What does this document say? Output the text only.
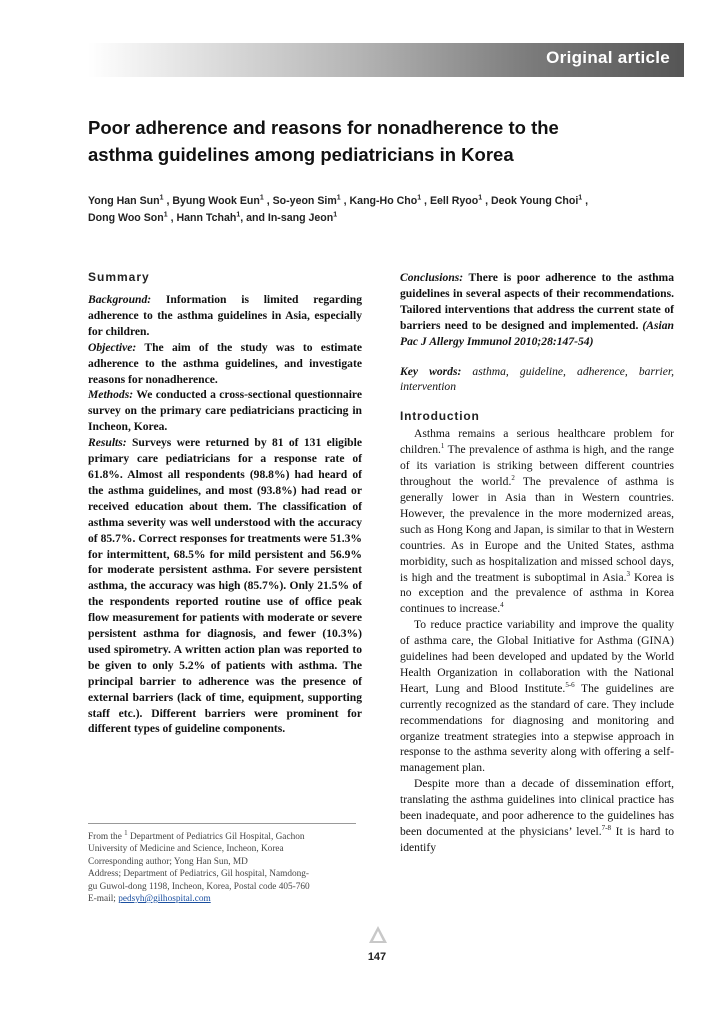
Original article
Poor adherence and reasons for nonadherence to the
asthma guidelines among pediatricians in Korea
Yong Han Sun$^1$ , Byung Wook Eun$^1$ , So-yeon Sim$^1$ , Kang-Ho Cho$^1$ , Eell Ryoo$^1$ , Deok Young Choi$^1$ ,
Dong Woo Son$^1$ , Hann Tchah$^1$, and In-sang Jeon$^1$
Summary

Background: Information is limited regarding adherence to the asthma guidelines in Asia, especially for children.

Objective: The aim of the study was to estimate adherence to the asthma guidelines, and investigate reasons for nonadherence.

Methods: We conducted a cross-sectional questionnaire survey on the primary care pediatricians practicing in Incheon, Korea.

Results: Surveys were returned by 81 of 131 eligible primary care pediatricians for a response rate of 61.8%. Almost all respondents (98.8%) had heard of the asthma guidelines, and most (93.8%) had read or received education about them. The classification of asthma severity was well understood with the accuracy of 85.7%. Correct responses for treatments were 51.3% for intermittent, 68.5% for mild persistent and 56.9% for moderate persistent asthma. For severe persistent asthma, the accuracy was high (85.7%). Only 21.5% of the respondents reported routine use of office peak flow measurement for patients with moderate or severe persistent asthma for diagnosis, and fewer (10.3%) used spirometry. A written action plan was reported to be given to only 5.2% of patients with asthma. The principal barrier to adherence was the presence of external barriers (lack of time, equipment, supporting staff etc.). Different barriers were prominent for different types of guideline components.

Conclusions: There is poor adherence to the asthma guidelines in several aspects of their recommendations. Tailored interventions that address the current state of barriers need to be designed and implemented. (Asian Pac J Allergy Immunol 2010;28:147-54)

Key words: asthma, guideline, adherence, barrier, intervention

Introduction

Asthma remains a serious healthcare problem for children.$^1$ The prevalence of asthma is high, and the range of its variation is striking between different countries throughout the world.$^2$ The prevalence of asthma is generally lower in Asia than in Western countries. However, the prevalence in the more modernized areas, such as Hong Kong and Japan, is similar to that in Western countries. As in Europe and the United States, asthma morbidity, such as hospitalization and missed school days, is high and the treatment is suboptimal in Asia.$^3$ Korea is no exception and the prevalence of asthma in Korea continues to increase.$^4$

To reduce practice variability and improve the quality of asthma care, the Global Initiative for Asthma (GINA) guidelines had been developed and updated by the World Health Organization in collaboration with the National Heart, Lung and Blood Institute.$^{5-6}$ The guidelines are currently recognized as the standard of care. They include recommendations for diagnosing and monitoring and organize treatment strategies into a stepwise approach in response to the asthma severity along with offering a self-management plan.

Despite more than a decade of dissemination effort, translating the asthma guidelines into clinical practice has been inadequate, and poor adherence to the guidelines has been documented at the physicians’ level.$^{7-8}$ It is hard to identify

From the $^1$ Department of Pediatrics Gil Hospital, Gachon

University of Medicine and Science, Incheon, Korea

Corresponding author; Yong Han Sun, MD

Address; Department of Pediatrics, Gil hospital, Namdong-

gu Guwol-dong 1198, Incheon, Korea, Postal code 405-760

E-mail; pedsyh@gilhospital.com

147
